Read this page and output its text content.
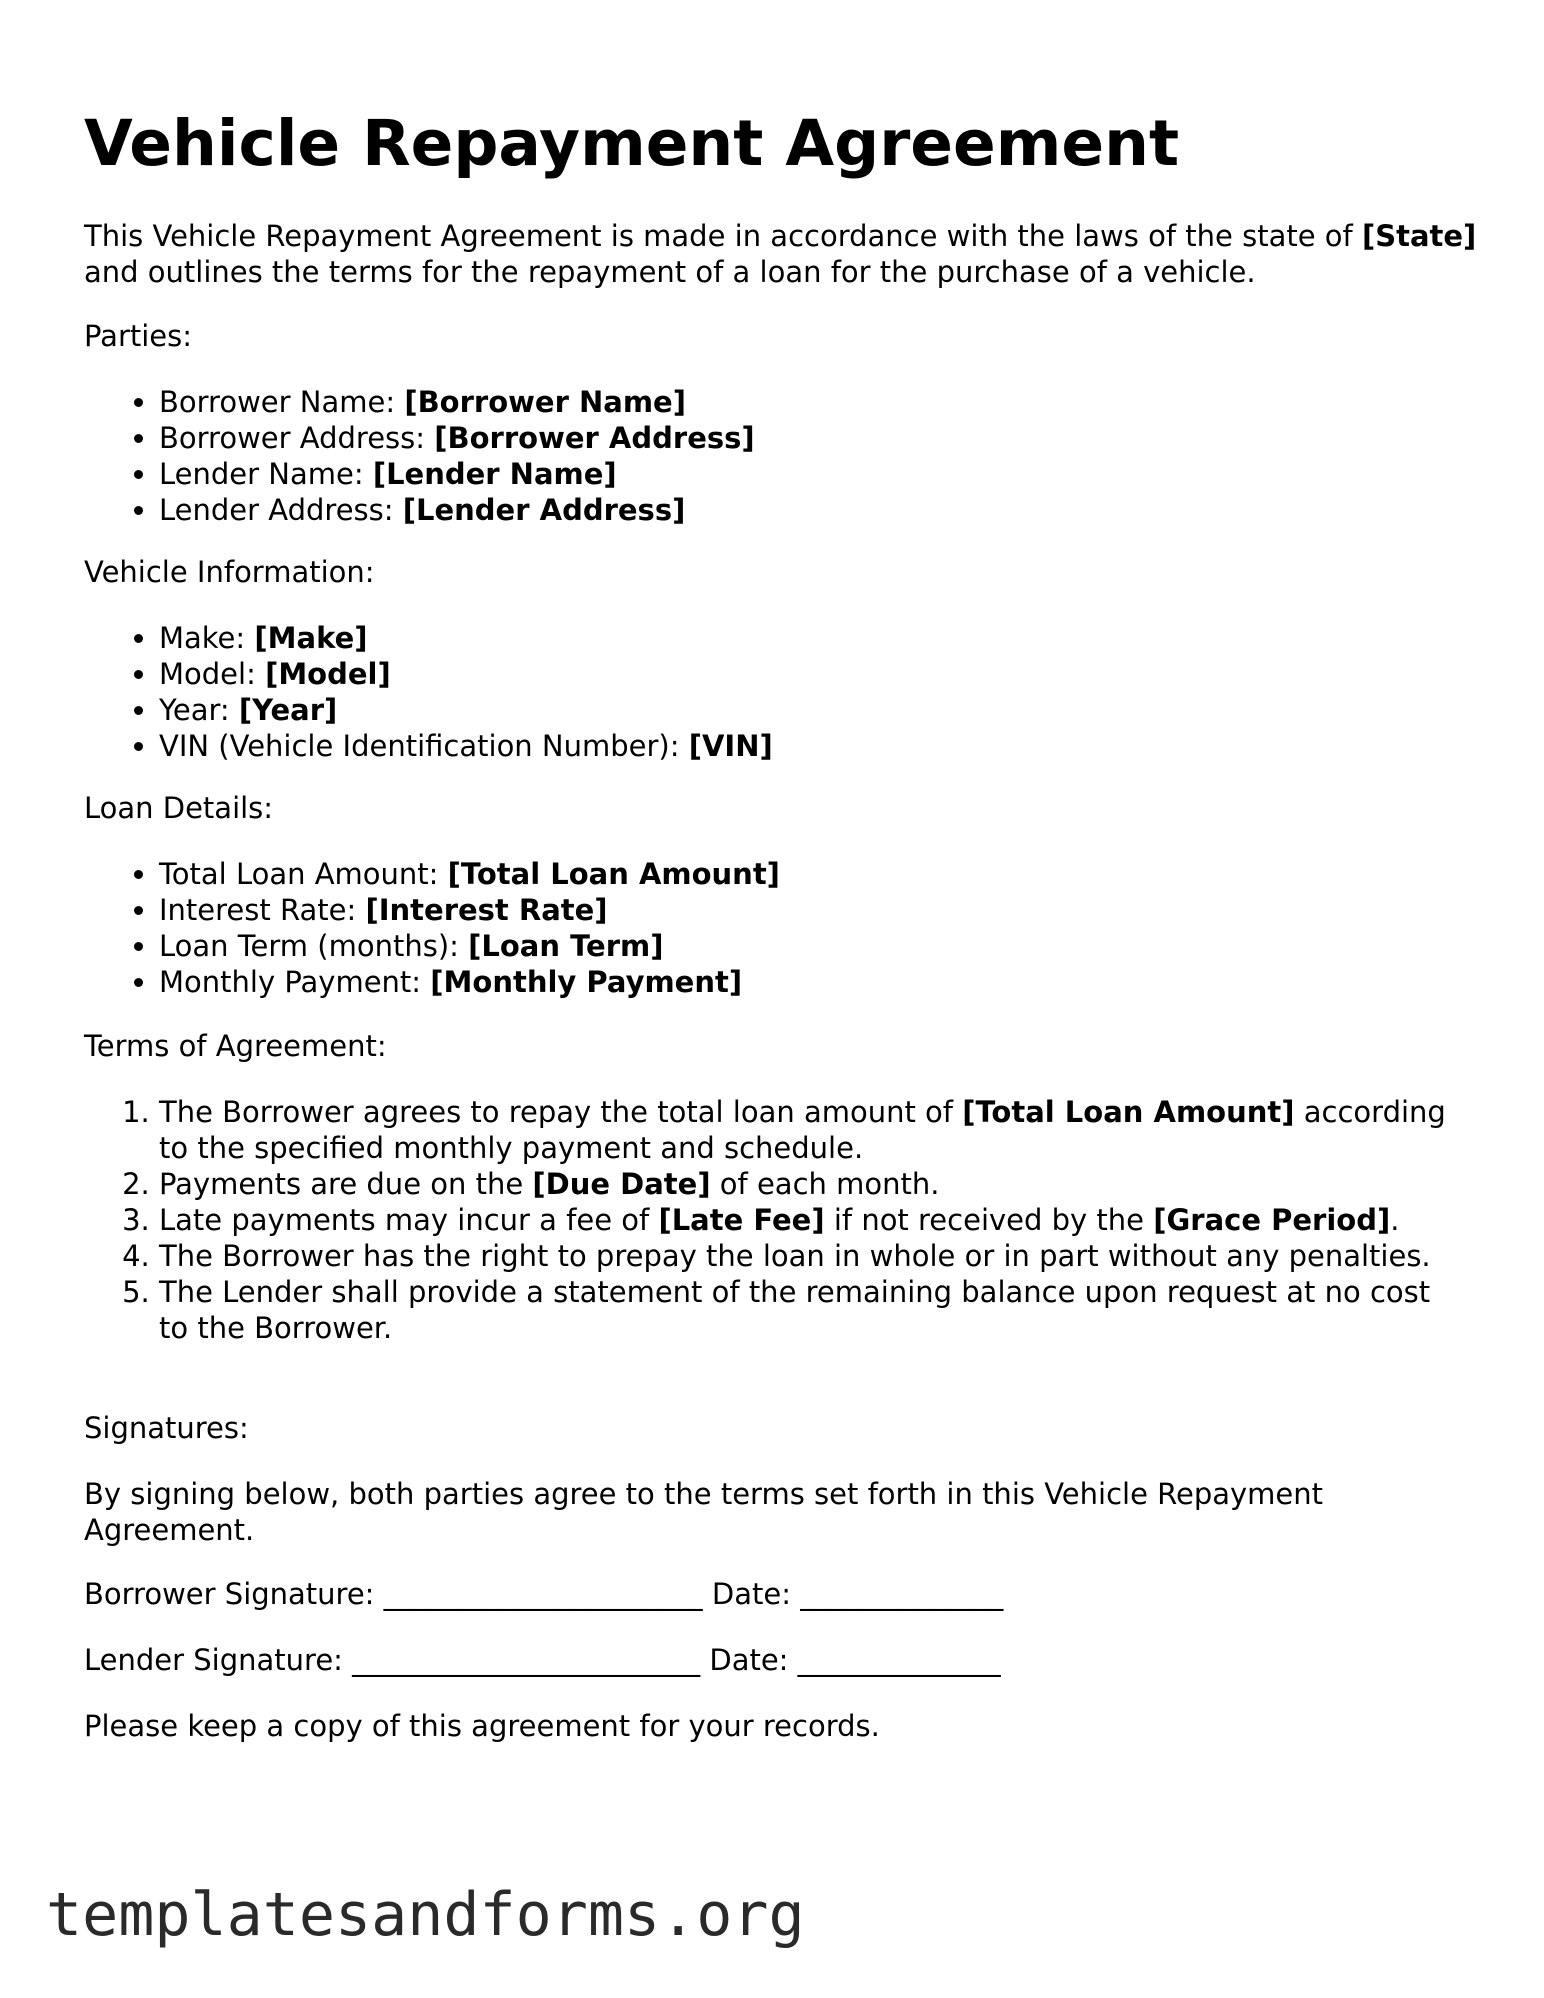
Vehicle Repayment Agreement
This Vehicle Repayment Agreement is made in accordance with the laws of the state of [State] and outlines the terms for the repayment of a loan for the purchase of a vehicle.
Parties:
• Borrower Name: [Borrower Name]
• Borrower Address: [Borrower Address]
• Lender Name: [Lender Name]
• Lender Address: [Lender Address]
Vehicle Information:
• Make: [Make]
• Model: [Model]
• Year: [Year]
• VIN (Vehicle Identification Number): [VIN]
Loan Details:
• Total Loan Amount: [Total Loan Amount]
• Interest Rate: [Interest Rate]
• Loan Term (months): [Loan Term]
• Monthly Payment: [Monthly Payment]
Terms of Agreement:
1. The Borrower agrees to repay the total loan amount of [Total Loan Amount] according to the specified monthly payment and schedule.
2. Payments are due on the [Due Date] of each month.
3. Late payments may incur a fee of [Late Fee] if not received by the [Grace Period].
4. The Borrower has the right to prepay the loan in whole or in part without any penalties.
5. The Lender shall provide a statement of the remaining balance upon request at no cost to the Borrower.
Signatures:
By signing below, both parties agree to the terms set forth in this Vehicle Repayment Agreement.
Borrower Signature: ______________________ Date: ______________
Lender Signature: ________________________ Date: ______________
Please keep a copy of this agreement for your records.
templatesandforms.org
